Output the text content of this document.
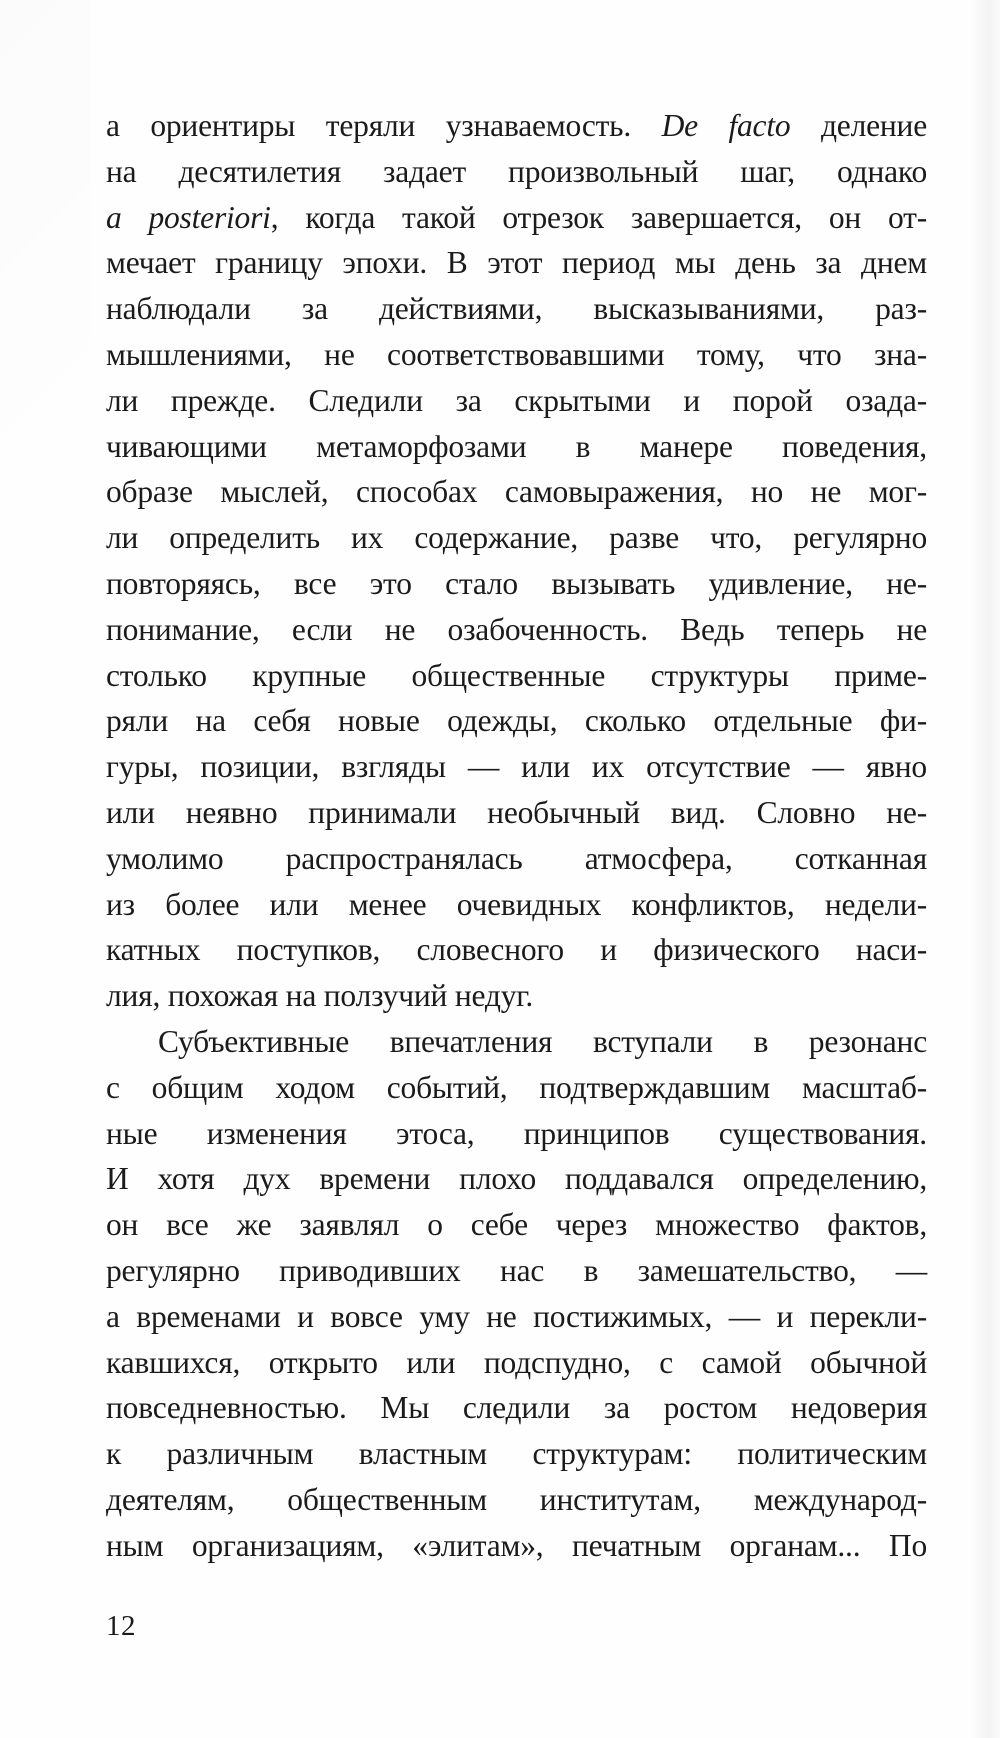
а ориентиры теряли узнаваемость. De facto деление
на десятилетия задает произвольный шаг, однако
a posteriori, когда такой отрезок завершается, он от-
мечает границу эпохи. В этот период мы день за днем
наблюдали за действиями, высказываниями, раз-
мышлениями, не соответствовавшими тому, что зна-
ли прежде. Следили за скрытыми и порой озада-
чивающими метаморфозами в манере поведения,
образе мыслей, способах самовыражения, но не мог-
ли определить их содержание, разве что, регулярно
повторяясь, все это стало вызывать удивление, не-
понимание, если не озабоченность. Ведь теперь не
столько крупные общественные структуры приме-
ряли на себя новые одежды, сколько отдельные фи-
гуры, позиции, взгляды — или их отсутствие — явно
или неявно принимали необычный вид. Словно не-
умолимо распространялась атмосфера, сотканная
из более или менее очевидных конфликтов, недели-
катных поступков, словесного и физического наси-
лия, похожая на ползучий недуг.
Субъективные впечатления вступали в резонанс
с общим ходом событий, подтверждавшим масштаб-
ные изменения этоса, принципов существования.
И хотя дух времени плохо поддавался определению,
он все же заявлял о себе через множество фактов,
регулярно приводивших нас в замешательство, —
а временами и вовсе уму не постижимых, — и перекли-
кавшихся, открыто или подспудно, с самой обычной
повседневностью. Мы следили за ростом недоверия
к различным властным структурам: политическим
деятелям, общественным институтам, международ-
ным организациям, «элитам», печатным органам... По
12
